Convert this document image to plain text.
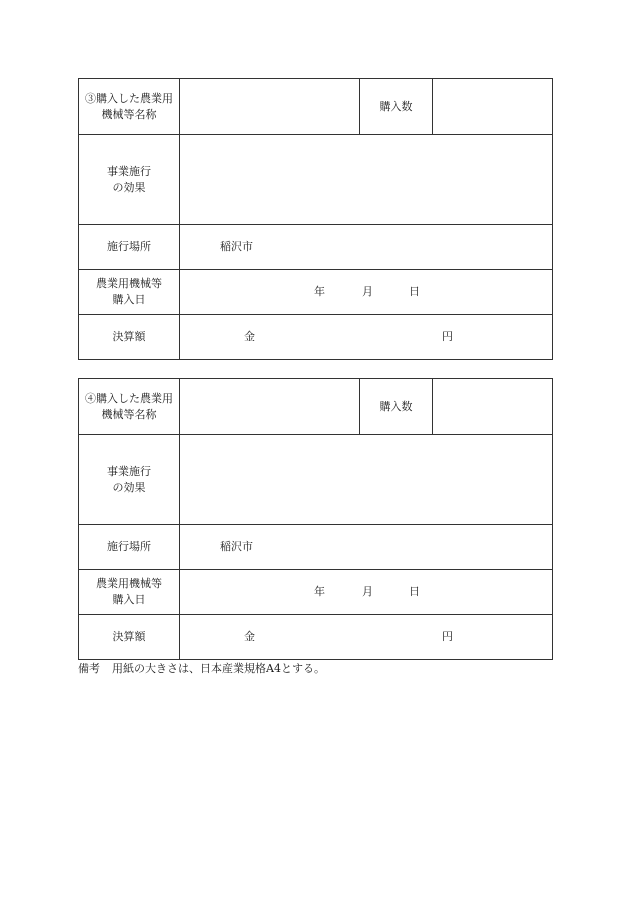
③購入した農業用
機械等名称		購入数	
事業施行
の効果			
施行場所	稲沢市		

農業用機械等
購入日	年 月 日		

決算額	金 円		
④購入した農業用
機械等名称		購入数	
事業施行
の効果			
施行場所	稲沢市		

農業用機械等
購入日	年 月 日		

決算額	金 円		
備考 用紙の大きさは、日本産業規格A4とする。
